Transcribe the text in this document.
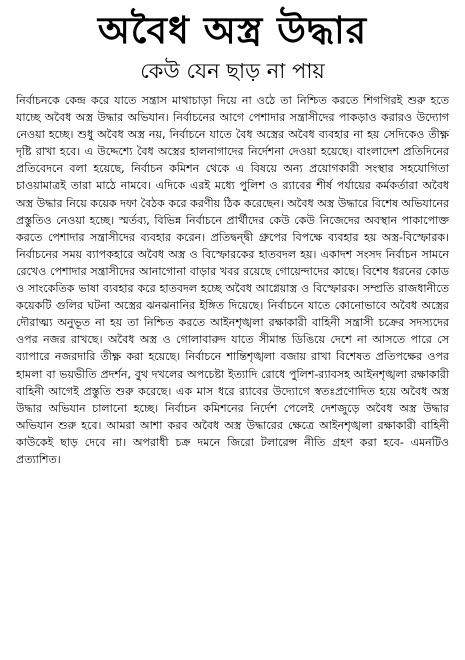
অবৈধ অস্ত্র উদ্ধার
কেউ যেন ছাড় না পায়

নির্বাচনকে কেন্দ্র করে যাতে সন্ত্রাস মাথাচাড়া দিয়ে না ওঠে তা নিশ্চিত করতে শিগগিরই শুরু হতে যাচ্ছে অবৈধ অস্ত্র উদ্ধার অভিযান। নির্বাচনের আগে পেশাদার সন্ত্রাসীদের পাকড়াও করারও উদ্যোগ নেওয়া হচ্ছে। শুধু অবৈধ অস্ত্র নয়, নির্বাচনে যাতে বৈধ অস্ত্রের অবৈধ ব্যবহার না হয় সেদিকেও তীক্ষ্ণ দৃষ্টি রাখা হবে। এ উদ্দেশ্যে বৈধ অস্ত্রের হালনাগাদের নির্দেশনা দেওয়া হয়েছে। বাংলাদেশ প্রতিদিনের প্রতিবেদনে বলা হয়েছে, নির্বাচন কমিশন থেকে এ বিষয়ে অন্য প্রয়োগকারী সংস্থার সহযোগিতা চাওয়ামাত্রই তারা মাঠে নামবে। এদিকে এরই মধ্যে পুলিশ ও র‍্যাবের শীর্ষ পর্যায়ের কর্মকর্তারা অবৈধ অস্ত্র উদ্ধার নিয়ে কয়েক দফা বৈঠক করে করণীয় ঠিক করেছেন। অবৈধ অস্ত্র উদ্ধারে বিশেষ অভিযানের প্রস্তুতিও নেওয়া হচ্ছে। স্মর্তব্য, বিভিন্ন নির্বাচনে প্রার্থীদের কেউ কেউ নিজেদের অবস্থান পাকাপোক্ত করতে পেশাদার সন্ত্রাসীদের ব্যবহার করেন। প্রতিদ্বন্দ্বী গ্রুপের বিপক্ষে ব্যবহার হয় অস্ত্র-বিস্ফোরক। নির্বাচনের সময় ব্যাপকহারে অবৈধ অস্ত্র ও বিস্ফোরকের হাতবদল হয়। একাদশ সংসদ নির্বাচন সামনে রেখেও পেশাদার সন্ত্রাসীদের আনাগোনা বাড়ার খবর রয়েছে গোয়েন্দাদের কাছে। বিশেষ ধরনের কোড ও সাংকেতিক ভাষা ব্যবহার করে হাতবদল হচ্ছে অবৈধ আগ্নেয়াস্ত্র ও বিস্ফোরক। সম্প্রতি রাজধানীতে কয়েকটি গুলির ঘটনা অস্ত্রের ঝনঝনানির ইঙ্গিত দিয়েছে। নির্বাচনে যাতে কোনোভাবে অবৈধ অস্ত্রের দৌরাত্ম্য অনুভূত না হয় তা নিশ্চিত করতে আইনশৃঙ্খলা রক্ষাকারী বাহিনী সন্ত্রাসী চক্রের সদস্যদের ওপর নজর রাখছে। অবৈধ অস্ত্র ও গোলাবারুদ যাতে সীমান্ত ডিঙিয়ে দেশে না আসতে পারে সে ব্যাপারে নজরদারি তীক্ষ্ণ করা হয়েছে। নির্বাচনে শান্তিশৃঙ্খলা বজায় রাখা বিশেষত প্রতিপক্ষের ওপর হামলা বা ভয়ভীতি প্রদর্শন, বুথ দখলের অপচেষ্টা ইত্যাদি রোধে পুলিশ-র‍্যাবসহ আইনশৃঙ্খলা রক্ষাকারী বাহিনী আগেই প্রস্তুতি শুরু করেছে। এক মাস ধরে র‍্যাবের উদ্যোগে স্বতঃপ্রণোদিত হয়ে অবৈধ অস্ত্র উদ্ধার অভিযান চালানো হচ্ছে। নির্বাচন কমিশনের নির্দেশ পেলেই দেশজুড়ে অবৈধ অস্ত্র উদ্ধার অভিযান শুরু হবে। আমরা আশা করব অবৈধ অস্ত্র উদ্ধারের ক্ষেত্রে আইনশৃঙ্খলা রক্ষাকারী বাহিনী কাউকেই ছাড় দেবে না। অপরাধী চক্র দমনে জিরো টলারেন্স নীতি গ্রহণ করা হবে- এমনটিও প্রত্যাশিত।
